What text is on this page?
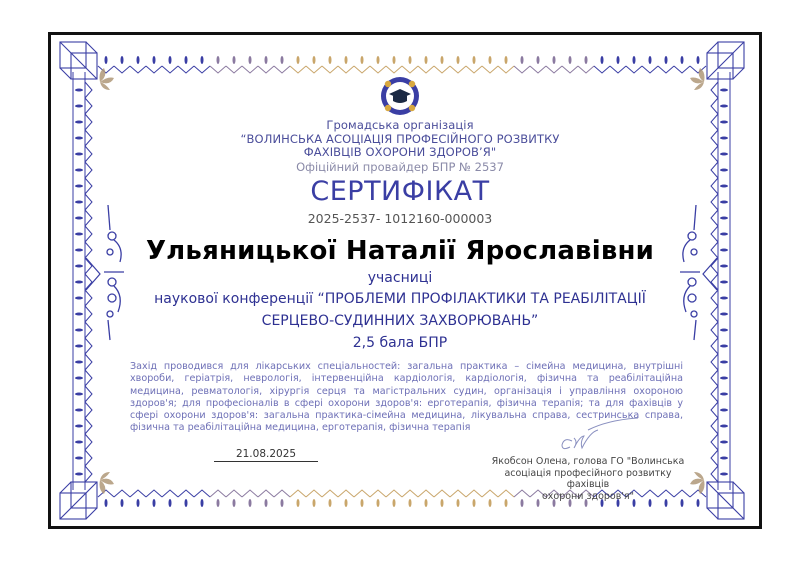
Громадська організація
“ВОЛИНСЬКА АСОЦІАЦІЯ ПРОФЕСІЙНОГО РОЗВИТКУ
ФАХІВЦІВ ОХОРОНИ ЗДОРОВ’Я"
Офіційний провайдер БПР № 2537
СЕРТИФІКАТ
2025-2537- 1012160-000003
Ульяницької Наталії Ярославівни
учасниці
наукової конференції “ПРОБЛЕМИ ПРОФІЛАКТИКИ ТА РЕАБІЛІТАЦІЇ
СЕРЦЕВО-СУДИННИХ ЗАХВОРЮВАНЬ”
2,5 бала БПР
Захід проводився для лікарських спеціальностей: загальна практика – сімейна медицина, внутрішні хвороби, геріатрія, неврологія, інтервенційна кардіологія, кардіологія, фізична та реабілітаційна медицина, ревматологія, хірургія серця та магістральних судин, організація і управління охороною здоров'я; для професіоналів в сфері охорони здоров'я: ерготерапія, фізична терапія; та для фахівців у сфері охорони здоров'я: загальна практика-сімейна медицина, лікувальна справа, сестринська справа, фізична та реабілітаційна медицина, ерготерапія, фізична терапія
21.08.2025
Якобсон Олена, голова ГО "Волинська
асоціація професійного розвитку фахівців
охорони здоров'я"
